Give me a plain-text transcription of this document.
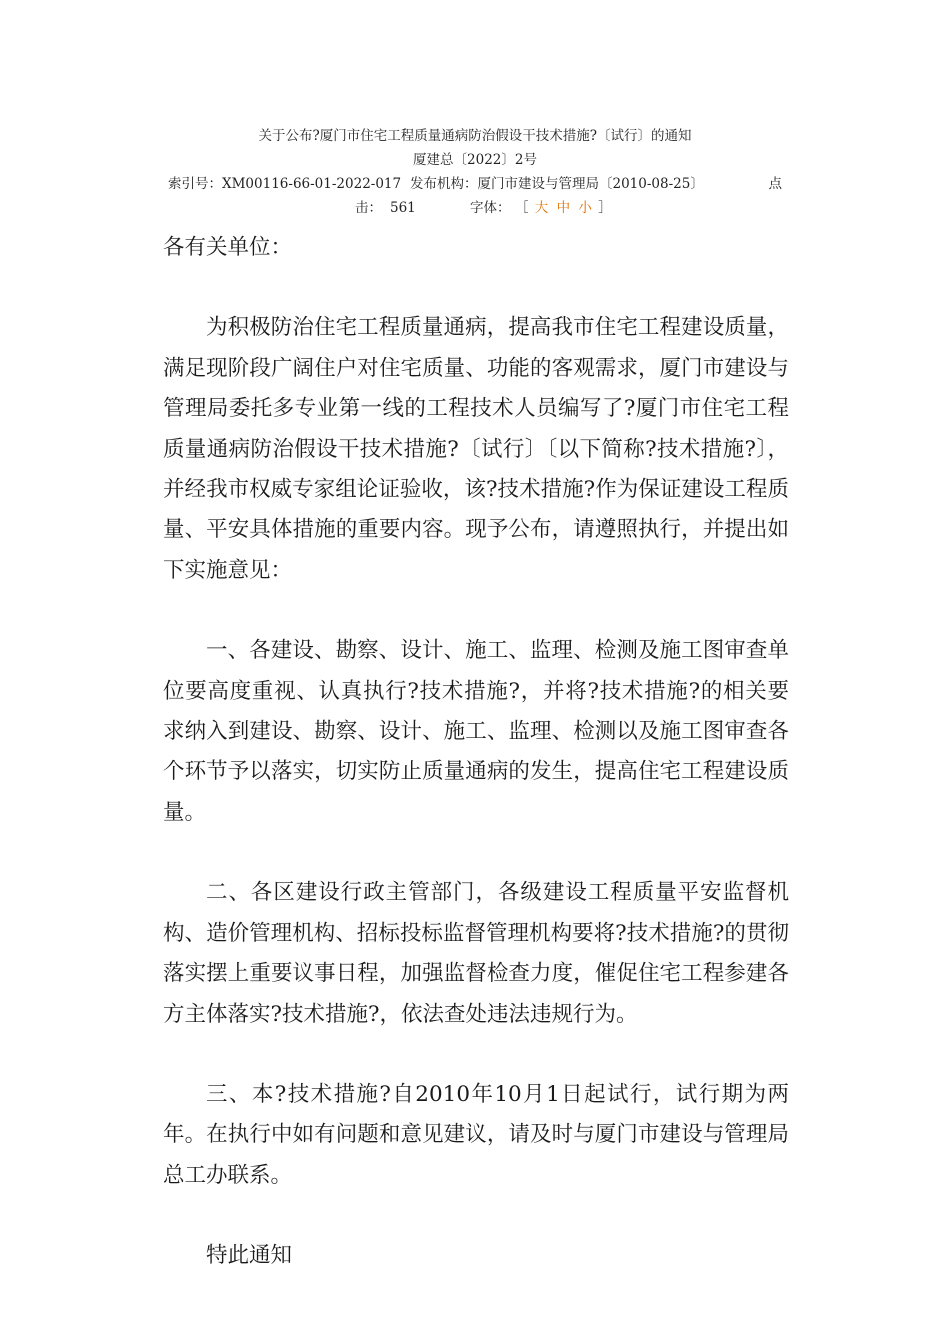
关于公布?厦门市住宅工程质量通病防治假设干技术措施?〔试行〕的通知
厦建总〔2022〕2号
索引号：XM00116-66-01-2022-017 发布机构：厦门市建设与管理局〔2010-08-25〕	点
击： 561	字体： ［ 大 中 小 ］

各有关单位：

为积极防治住宅工程质量通病，提高我市住宅工程建设质量，满足现阶段广阔住户对住宅质量、功能的客观需求，厦门市建设与管理局委托多专业第一线的工程技术人员编写了?厦门市住宅工程质量通病防治假设干技术措施?〔试行〕〔以下简称?技术措施?〕，并经我市权威专家组论证验收，该?技术措施?作为保证建设工程质量、平安具体措施的重要内容。现予公布，请遵照执行，并提出如下实施意见：

一、各建设、勘察、设计、施工、监理、检测及施工图审查单位要高度重视、认真执行?技术措施?，并将?技术措施?的相关要求纳入到建设、勘察、设计、施工、监理、检测以及施工图审查各个环节予以落实，切实防止质量通病的发生，提高住宅工程建设质量。

二、各区建设行政主管部门，各级建设工程质量平安监督机构、造价管理机构、招标投标监督管理机构要将?技术措施?的贯彻落实摆上重要议事日程，加强监督检查力度，催促住宅工程参建各方主体落实?技术措施?，依法查处违法违规行为。

三、本?技术措施?自2010年10月1日起试行，试行期为两年。在执行中如有问题和意见建议，请及时与厦门市建设与管理局总工办联系。

特此通知
